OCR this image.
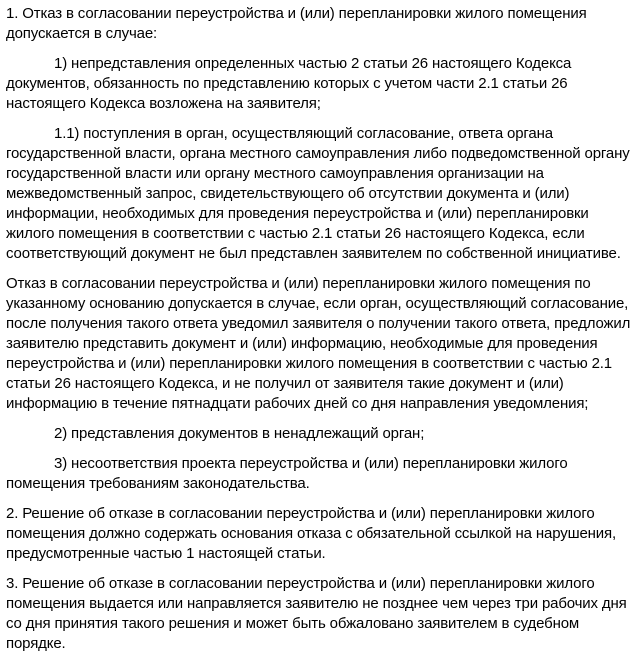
1. Отказ в согласовании переустройства и (или) перепланировки жилого помещения допускается в случае:

1) непредставления определенных частью 2 статьи 26 настоящего Кодекса документов, обязанность по представлению которых с учетом части 2.1 статьи 26 настоящего Кодекса возложена на заявителя;

1.1) поступления в орган, осуществляющий согласование, ответа органа государственной власти, органа местного самоуправления либо подведомственной органу государственной власти или органу местного самоуправления организации на межведомственный запрос, свидетельствующего об отсутствии документа и (или) информации, необходимых для проведения переустройства и (или) перепланировки жилого помещения в соответствии с частью 2.1 статьи 26 настоящего Кодекса, если соответствующий документ не был представлен заявителем по собственной инициативе.

Отказ в согласовании переустройства и (или) перепланировки жилого помещения по указанному основанию допускается в случае, если орган, осуществляющий согласование, после получения такого ответа уведомил заявителя о получении такого ответа, предложил заявителю представить документ и (или) информацию, необходимые для проведения переустройства и (или) перепланировки жилого помещения в соответствии с частью 2.1 статьи 26 настоящего Кодекса, и не получил от заявителя такие документ и (или) информацию в течение пятнадцати рабочих дней со дня направления уведомления;

2) представления документов в ненадлежащий орган;

3) несоответствия проекта переустройства и (или) перепланировки жилого помещения требованиям законодательства.

2. Решение об отказе в согласовании переустройства и (или) перепланировки жилого помещения должно содержать основания отказа с обязательной ссылкой на нарушения, предусмотренные частью 1 настоящей статьи.

3. Решение об отказе в согласовании переустройства и (или) перепланировки жилого помещения выдается или направляется заявителю не позднее чем через три рабочих дня со дня принятия такого решения и может быть обжаловано заявителем в судебном порядке.
